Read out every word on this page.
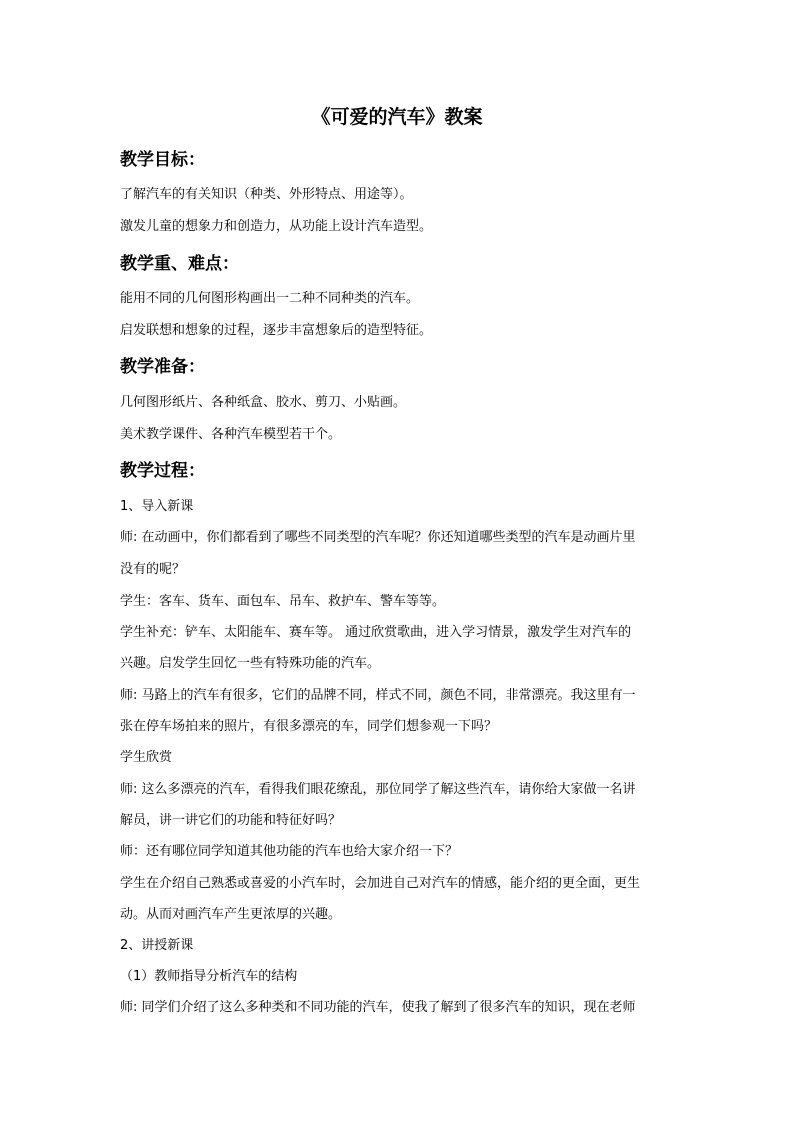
《可爱的汽车》教案
教学目标：

了解汽车的有关知识（种类、外形特点、用途等）。

激发儿童的想象力和创造力，从功能上设计汽车造型。

教学重、难点：

能用不同的几何图形构画出一二种不同种类的汽车。

启发联想和想象的过程，逐步丰富想象后的造型特征。

教学准备：

几何图形纸片、各种纸盒、胶水、剪刀、小贴画。

美术教学课件、各种汽车模型若干个。

教学过程：

1、导入新课

师: 在动画中，你们都看到了哪些不同类型的汽车呢？你还知道哪些类型的汽车是动画片里

没有的呢？

学生：客车、货车、面包车、吊车、救护车、警车等等。

学生补充：铲车、太阳能车、赛车等。 通过欣赏歌曲，进入学习情景，激发学生对汽车的

兴趣。启发学生回忆一些有特殊功能的汽车。

师: 马路上的汽车有很多，它们的品牌不同，样式不同，颜色不同，非常漂亮。我这里有一

张在停车场拍来的照片，有很多漂亮的车，同学们想参观一下吗？

学生欣赏

师: 这么多漂亮的汽车，看得我们眼花缭乱，那位同学了解这些汽车，请你给大家做一名讲

解员，讲一讲它们的功能和特征好吗？

师：还有哪位同学知道其他功能的汽车也给大家介绍一下？

学生在介绍自己熟悉或喜爱的小汽车时，会加进自己对汽车的情感，能介绍的更全面，更生

动。从而对画汽车产生更浓厚的兴趣。

2、讲授新课

（1）教师指导分析汽车的结构

师: 同学们介绍了这么多种类和不同功能的汽车，使我了解到了很多汽车的知识，现在老师
